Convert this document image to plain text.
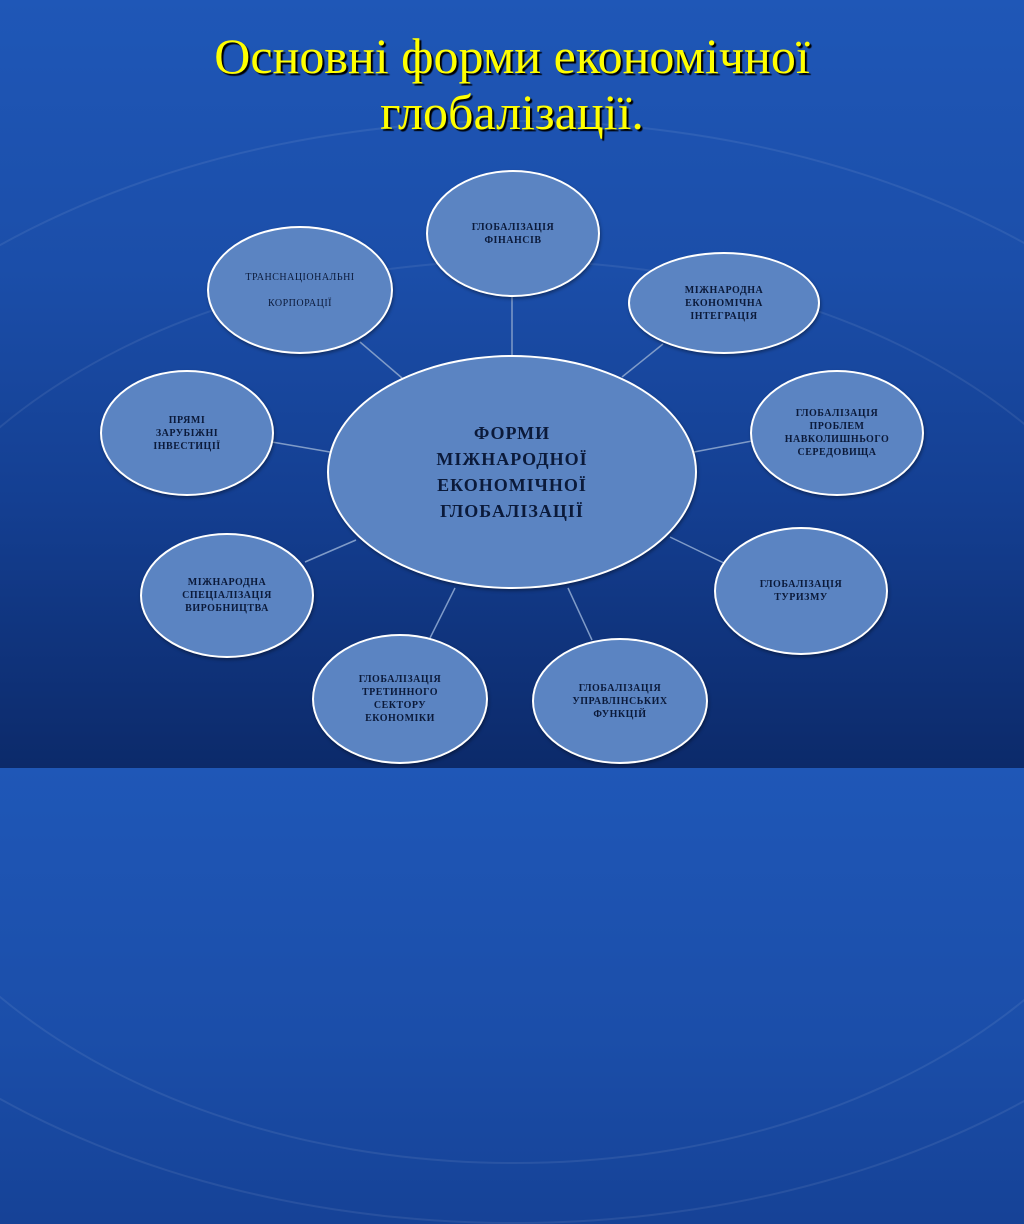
Основні форми економічної
глобалізації.
ГЛОБАЛІЗАЦІЯ
ФІНАНСІВ
МІЖНАРОДНА
ЕКОНОМІЧНА
ІНТЕГРАЦІЯ
ГЛОБАЛІЗАЦІЯ
ПРОБЛЕМ
НАВКОЛИШНЬОГО
СЕРЕДОВИЩА
ГЛОБАЛІЗАЦІЯ
ТУРИЗМУ
ГЛОБАЛІЗАЦІЯ
УПРАВЛІНСЬКИХ
ФУНКЦІЙ
ГЛОБАЛІЗАЦІЯ
ТРЕТИННОГО
СЕКТОРУ
ЕКОНОМІКИ
МІЖНАРОДНА
СПЕЦІАЛІЗАЦІЯ
ВИРОБНИЦТВА
ПРЯМІ
ЗАРУБІЖНІ
ІНВЕСТИЦІЇ
ТРАНСНАЦІОНАЛЬНІ

КОРПОРАЦІЇ
ФОРМИ
МІЖНАРОДНОЇ
ЕКОНОМІЧНОЇ
ГЛОБАЛІЗАЦІЇ
